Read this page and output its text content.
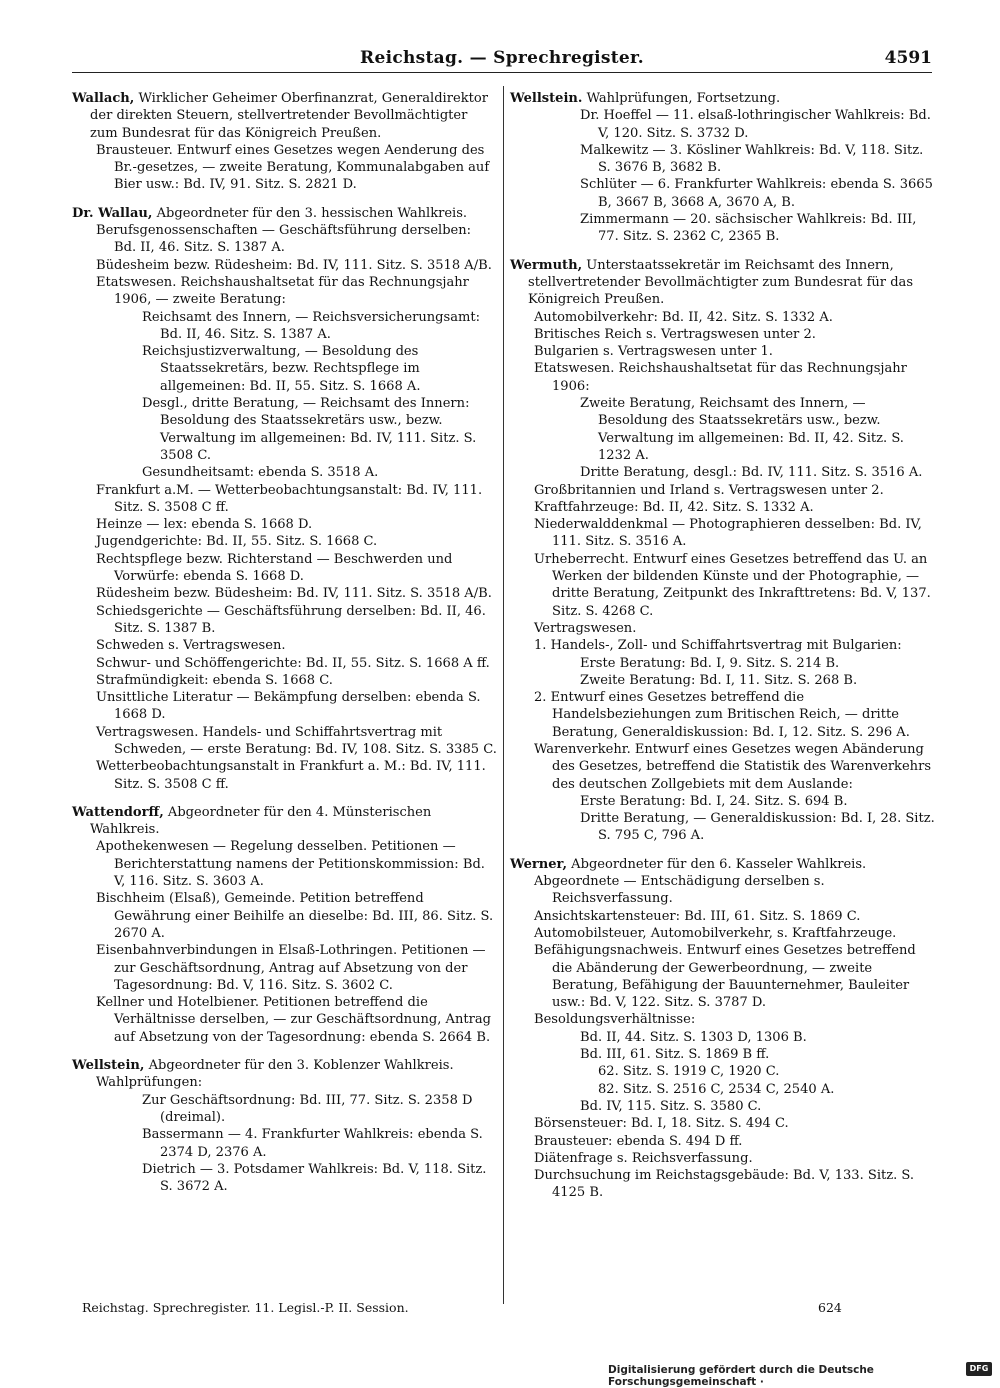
Reichstag. — Sprechregister.	4591
Wallach, Wirklicher Geheimer Oberfinanzrat, Generaldirektor der direkten Steuern, stellvertretender Bevollmächtigter zum Bundesrat für das Königreich Preußen.
Brausteuer. Entwurf eines Gesetzes wegen Aenderung des Br.-gesetzes, — zweite Beratung, Kommunalabgaben auf Bier usw.: Bd. IV, 91. Sitz. S. 2821 D.
Dr. Wallau, Abgeordneter für den 3. hessischen Wahlkreis.
Berufsgenossenschaften — Geschäftsführung derselben: Bd. II, 46. Sitz. S. 1387 A.
Büdesheim bezw. Rüdesheim: Bd. IV, 111. Sitz. S. 3518 A/B.
Etatswesen. Reichshaushaltsetat für das Rechnungsjahr 1906, — zweite Beratung:
Reichsamt des Innern, — Reichsversicherungsamt: Bd. II, 46. Sitz. S. 1387 A.
Reichsjustizverwaltung, — Besoldung des Staatssekretärs, bezw. Rechtspflege im allgemeinen: Bd. II, 55. Sitz. S. 1668 A.
Desgl., dritte Beratung, — Reichsamt des Innern: Besoldung des Staatssekretärs usw., bezw. Verwaltung im allgemeinen: Bd. IV, 111. Sitz. S. 3508 C.
Gesundheitsamt: ebenda S. 3518 A.
Frankfurt a.M. — Wetterbeobachtungsanstalt: Bd. IV, 111. Sitz. S. 3508 C ff.
Heinze — lex: ebenda S. 1668 D.
Jugendgerichte: Bd. II, 55. Sitz. S. 1668 C.
Rechtspflege bezw. Richterstand — Beschwerden und Vorwürfe: ebenda S. 1668 D.
Rüdesheim bezw. Büdesheim: Bd. IV, 111. Sitz. S. 3518 A/B.
Schiedsgerichte — Geschäftsführung derselben: Bd. II, 46. Sitz. S. 1387 B.
Schweden s. Vertragswesen.
Schwur- und Schöffengerichte: Bd. II, 55. Sitz. S. 1668 A ff.
Strafmündigkeit: ebenda S. 1668 C.
Unsittliche Literatur — Bekämpfung derselben: ebenda S. 1668 D.
Vertragswesen. Handels- und Schiffahrtsvertrag mit Schweden, — erste Beratung: Bd. IV, 108. Sitz. S. 3385 C.
Wetterbeobachtungsanstalt in Frankfurt a. M.: Bd. IV, 111. Sitz. S. 3508 C ff.
Wattendorff, Abgeordneter für den 4. Münsterischen Wahlkreis.
Apothekenwesen — Regelung desselben. Petitionen — Berichterstattung namens der Petitionskommission: Bd. V, 116. Sitz. S. 3603 A.
Bischheim (Elsaß), Gemeinde. Petition betreffend Gewährung einer Beihilfe an dieselbe: Bd. III, 86. Sitz. S. 2670 A.
Eisenbahnverbindungen in Elsaß-Lothringen. Petitionen — zur Geschäftsordnung, Antrag auf Absetzung von der Tagesordnung: Bd. V, 116. Sitz. S. 3602 C.
Kellner und Hotelbiener. Petitionen betreffend die Verhältnisse derselben, — zur Geschäftsordnung, Antrag auf Absetzung von der Tagesordnung: ebenda S. 2664 B.
Wellstein, Abgeordneter für den 3. Koblenzer Wahlkreis.
Wahlprüfungen:
Zur Geschäftsordnung: Bd. III, 77. Sitz. S. 2358 D (dreimal).
Bassermann — 4. Frankfurter Wahlkreis: ebenda S. 2374 D, 2376 A.
Dietrich — 3. Potsdamer Wahlkreis: Bd. V, 118. Sitz. S. 3672 A.
Wellstein. Wahlprüfungen, Fortsetzung.
Dr. Hoeffel — 11. elsaß-lothringischer Wahlkreis: Bd. V, 120. Sitz. S. 3732 D.
Malkewitz — 3. Kösliner Wahlkreis: Bd. V, 118. Sitz. S. 3676 B, 3682 B.
Schlüter — 6. Frankfurter Wahlkreis: ebenda S. 3665 B, 3667 B, 3668 A, 3670 A, B.
Zimmermann — 20. sächsischer Wahlkreis: Bd. III, 77. Sitz. S. 2362 C, 2365 B.
Wermuth, Unterstaatssekretär im Reichsamt des Innern, stellvertretender Bevollmächtigter zum Bundesrat für das Königreich Preußen.
Automobilverkehr: Bd. II, 42. Sitz. S. 1332 A.
Britisches Reich s. Vertragswesen unter 2.
Bulgarien s. Vertragswesen unter 1.
Etatswesen. Reichshaushaltsetat für das Rechnungsjahr 1906:
Zweite Beratung, Reichsamt des Innern, — Besoldung des Staatssekretärs usw., bezw. Verwaltung im allgemeinen: Bd. II, 42. Sitz. S. 1232 A.
Dritte Beratung, desgl.: Bd. IV, 111. Sitz. S. 3516 A.
Großbritannien und Irland s. Vertragswesen unter 2.
Kraftfahrzeuge: Bd. II, 42. Sitz. S. 1332 A.
Niederwalddenkmal — Photographieren desselben: Bd. IV, 111. Sitz. S. 3516 A.
Urheberrecht. Entwurf eines Gesetzes betreffend das U. an Werken der bildenden Künste und der Photographie, — dritte Beratung, Zeitpunkt des Inkrafttretens: Bd. V, 137. Sitz. S. 4268 C.
Vertragswesen.
1. Handels-, Zoll- und Schiffahrtsvertrag mit Bulgarien:
Erste Beratung: Bd. I, 9. Sitz. S. 214 B.
Zweite Beratung: Bd. I, 11. Sitz. S. 268 B.
2. Entwurf eines Gesetzes betreffend die Handelsbeziehungen zum Britischen Reich, — dritte Beratung, Generaldiskussion: Bd. I, 12. Sitz. S. 296 A.
Warenverkehr. Entwurf eines Gesetzes wegen Abänderung des Gesetzes, betreffend die Statistik des Warenverkehrs des deutschen Zollgebiets mit dem Auslande:
Erste Beratung: Bd. I, 24. Sitz. S. 694 B.
Dritte Beratung, — Generaldiskussion: Bd. I, 28. Sitz. S. 795 C, 796 A.
Werner, Abgeordneter für den 6. Kasseler Wahlkreis.
Abgeordnete — Entschädigung derselben s. Reichsverfassung.
Ansichtskartensteuer: Bd. III, 61. Sitz. S. 1869 C.
Automobilsteuer, Automobilverkehr, s. Kraftfahrzeuge.
Befähigungsnachweis. Entwurf eines Gesetzes betreffend die Abänderung der Gewerbeordnung, — zweite Beratung, Befähigung der Bauunternehmer, Bauleiter usw.: Bd. V, 122. Sitz. S. 3787 D.
Besoldungsverhältnisse:
Bd. II, 44. Sitz. S. 1303 D, 1306 B.
Bd. III, 61. Sitz. S. 1869 B ff.
62. Sitz. S. 1919 C, 1920 C.
82. Sitz. S. 2516 C, 2534 C, 2540 A.
Bd. IV, 115. Sitz. S. 3580 C.
Börsensteuer: Bd. I, 18. Sitz. S. 494 C.
Brausteuer: ebenda S. 494 D ff.
Diätenfrage s. Reichsverfassung.
Durchsuchung im Reichstagsgebäude: Bd. V, 133. Sitz. S. 4125 B.
Reichstag. Sprechregister. 11. Legisl.-P. II. Session.	624
Digitalisierung gefördert durch die Deutsche Forschungsgemeinschaft ·
DFG
